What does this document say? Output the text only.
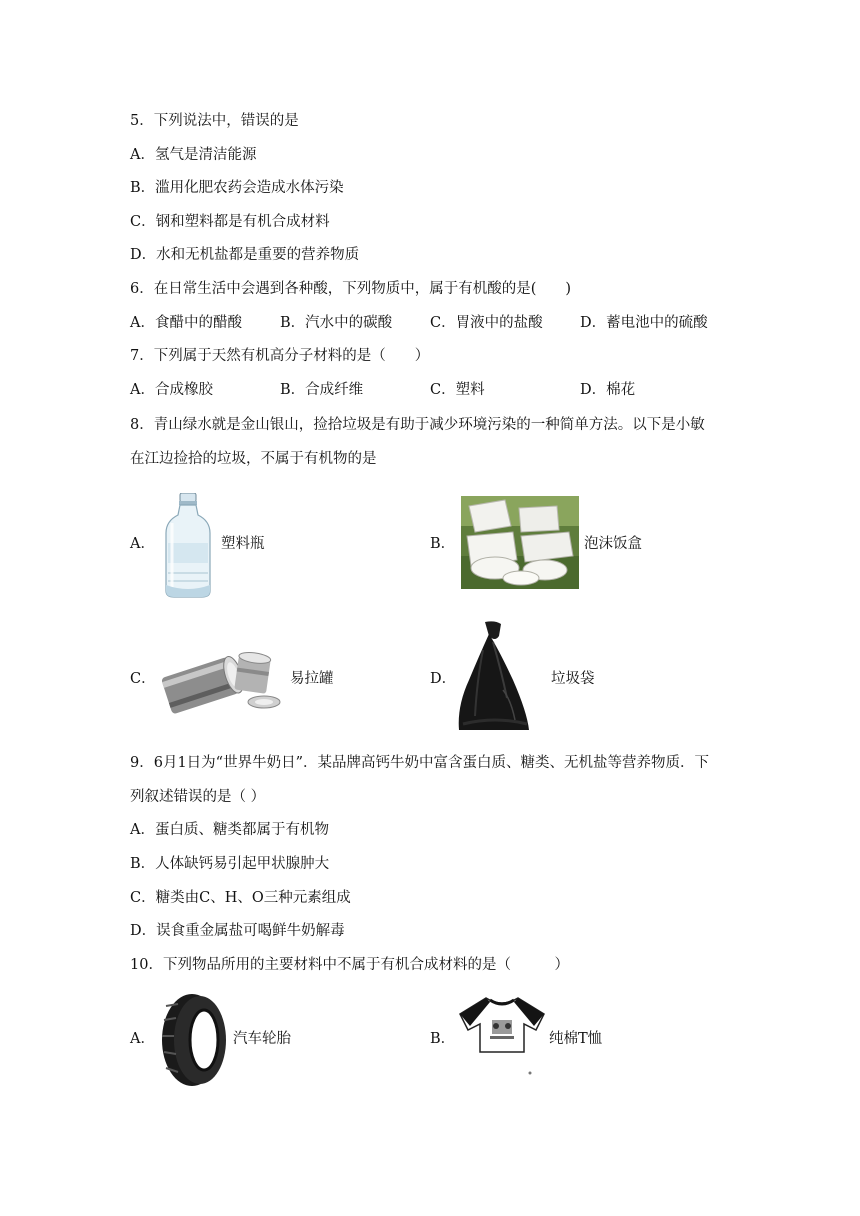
5．下列说法中，错误的是
A．氢气是清洁能源
B．滥用化肥农药会造成水体污染
C．钢和塑料都是有机合成材料
D．水和无机盐都是重要的营养物质
6．在日常生活中会遇到各种酸，下列物质中，属于有机酸的是(　　)
A．食醋中的醋酸	B．汽水中的碳酸	C．胃液中的盐酸	D．蓄电池中的硫酸
7．下列属于天然有机高分子材料的是（　　）
A．合成橡胶	B．合成纤维	C．塑料	D．棉花
8．青山绿水就是金山银山，捡拾垃圾是有助于减少环境污染的一种简单方法。以下是小敏
在江边捡拾的垃圾，不属于有机物的是
A．	塑料瓶	B．	泡沫饭盒
C．	易拉罐	D．	垃圾袋
9．6月1日为“世界牛奶日”．某品牌高钙牛奶中富含蛋白质、糖类、无机盐等营养物质．下
列叙述错误的是（ ）
A．蛋白质、糖类都属于有机物
B．人体缺钙易引起甲状腺肿大
C．糖类由C、H、O三种元素组成
D．误食重金属盐可喝鲜牛奶解毒
10．下列物品所用的主要材料中不属于有机合成材料的是（　　　）
A．	汽车轮胎	B．	纯棉T恤
